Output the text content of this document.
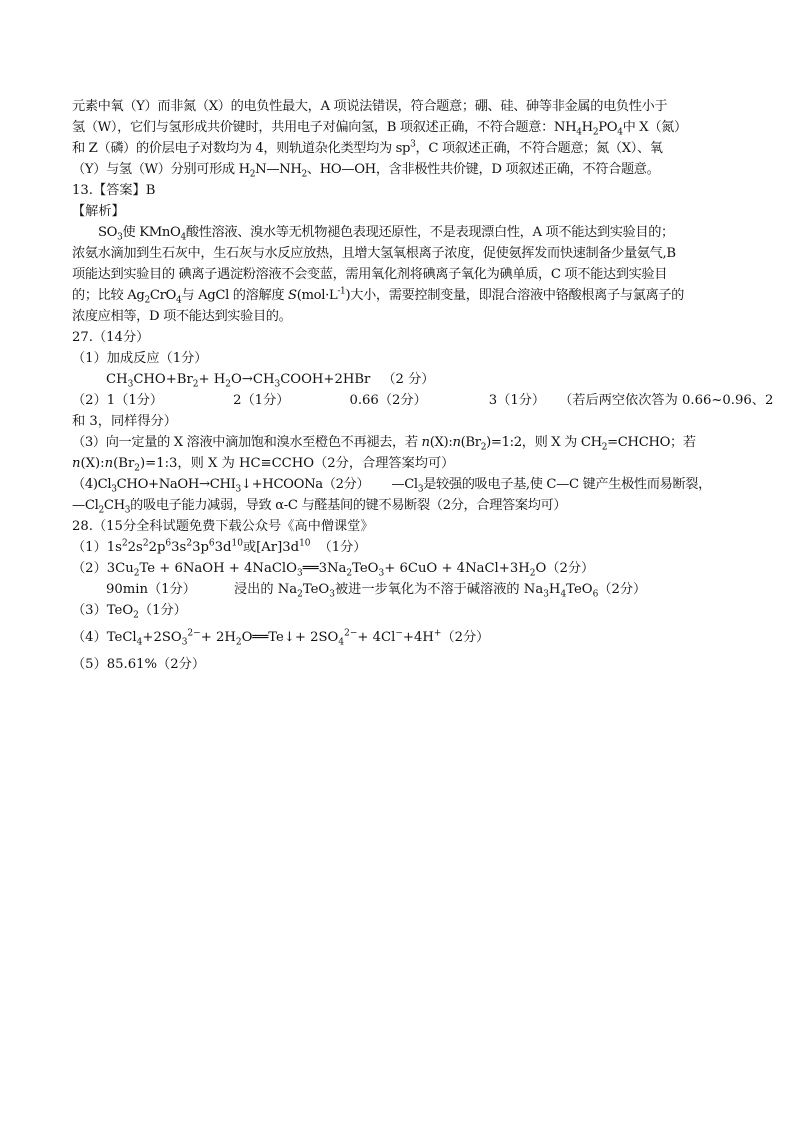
元素中氧（Y）而非氮（X）的电负性最大，A 项说法错误，符合题意；硼、硅、砷等非金属的电负性小于
氢（W），它们与氢形成共价键时，共用电子对偏向氢，B 项叙述正确，不符合题意：$NH_4H_2PO_4$中 X（氮）
和 Z（磷）的价层电子对数均为 4，则轨道杂化类型均为 $sp^3$，C 项叙述正确，不符合题意；氮（X）、氧
（Y）与氢（W）分别可形成 $H_2N—NH_2$、HO—OH，含非极性共价键，D 项叙述正确，不符合题意。
13.【答案】B
【解析】
$SO_3$使 KMnO$_4$酸性溶液、溴水等无机物褪色表现还原性，不是表现漂白性，A 项不能达到实验目的；
浓氨水滴加到生石灰中，生石灰与水反应放热，且增大氢氧根离子浓度，促使氨挥发而快速制备少量氨气,B
项能达到实验目的 碘离子遇淀粉溶液不会变蓝，需用氧化剂将碘离子氧化为碘单质，C 项不能达到实验目
的；比较 $Ag_2CrO_4$与 AgCl 的溶解度 $S(mol\cdot L^{-1})$大小，需要控制变量，即混合溶液中铬酸根离子与氯离子的
浓度应相等，D 项不能达到实验目的。
27.（14分）
（1）加成反应（1分）
$CH_3CHO+Br_2+$ $H_2O\to CH_3COOH+2HBr$ （2 分）
（2）1（1分）	2（1分）	0.66（2分）	3（1分） （若后两空依次答为 0.66~0.96、2
和 3，同样得分）
（3）向一定量的 X 溶液中滴加饱和溴水至橙色不再褪去，若 $n(X):n(Br_2)=1:2$，则 X 为 $CH_2=CHCHO$；若
$n(X):n(Br_2)=1:3$，则 X 为 HC≡CCHO（2分，合理答案均可）
$(4)Cl_3CHO+NaOH\to CHI_3↓+HCOONa(2$分） $—Cl_3$是较强的吸电子基,使 C—C 键产生极性而易断裂，
$—Cl_2CH_3$的吸电子能力减弱，导致 α-C 与醛基间的键不易断裂（2分，合理答案均可）
28.（15分全科试题免费下载公众号《高中僧课堂》
$(1)1s^22s^22p^63s^23p^63d^{10}$或$[Ar]3d^{10}$ （1分）
$(2)3Cu_2Te$ + 6NaOH + $4NaClO_3══3Na_2TeO_3+ 6CuO$ + $4NaCl+3H_2O(2$分）
90min（1分）	浸出的 $Na_2TeO_3$被进一步氧化为不溶于碱溶液的 $Na_3H_4TeO_6(2$分）
（3）TeO$_2$（1分）
$(4)TeCl_4+2SO_3^{2-}+$ $2H_2O══Te↓+ 2SO_4^{2-}+ 4Cl^-+4H^+(2$分）
（5）85.61%（2分）
